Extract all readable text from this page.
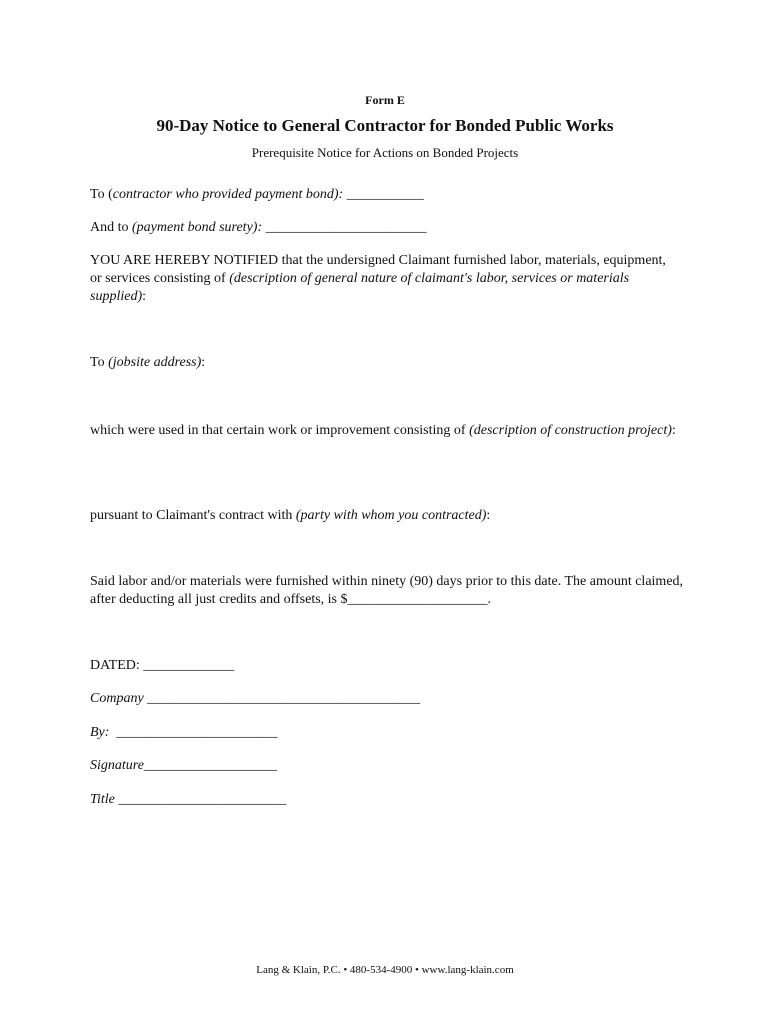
Form E
90-Day Notice to General Contractor for Bonded Public Works
Prerequisite Notice for Actions on Bonded Projects
To (contractor who provided payment bond): ___________
And to (payment bond surety): _______________________
YOU ARE HEREBY NOTIFIED that the undersigned Claimant furnished labor, materials, equipment, or services consisting of (description of general nature of claimant's labor, services or materials supplied):
To (jobsite address):
which were used in that certain work or improvement consisting of (description of construction project):
pursuant to Claimant's contract with (party with whom you contracted):
Said labor and/or materials were furnished within ninety (90) days prior to this date. The amount claimed, after deducting all just credits and offsets, is $____________________.
DATED: _____________
Company _______________________________________
By:  _______________________
Signature___________________
Title ________________________
Lang & Klain, P.C. • 480-534-4900 • www.lang-klain.com
